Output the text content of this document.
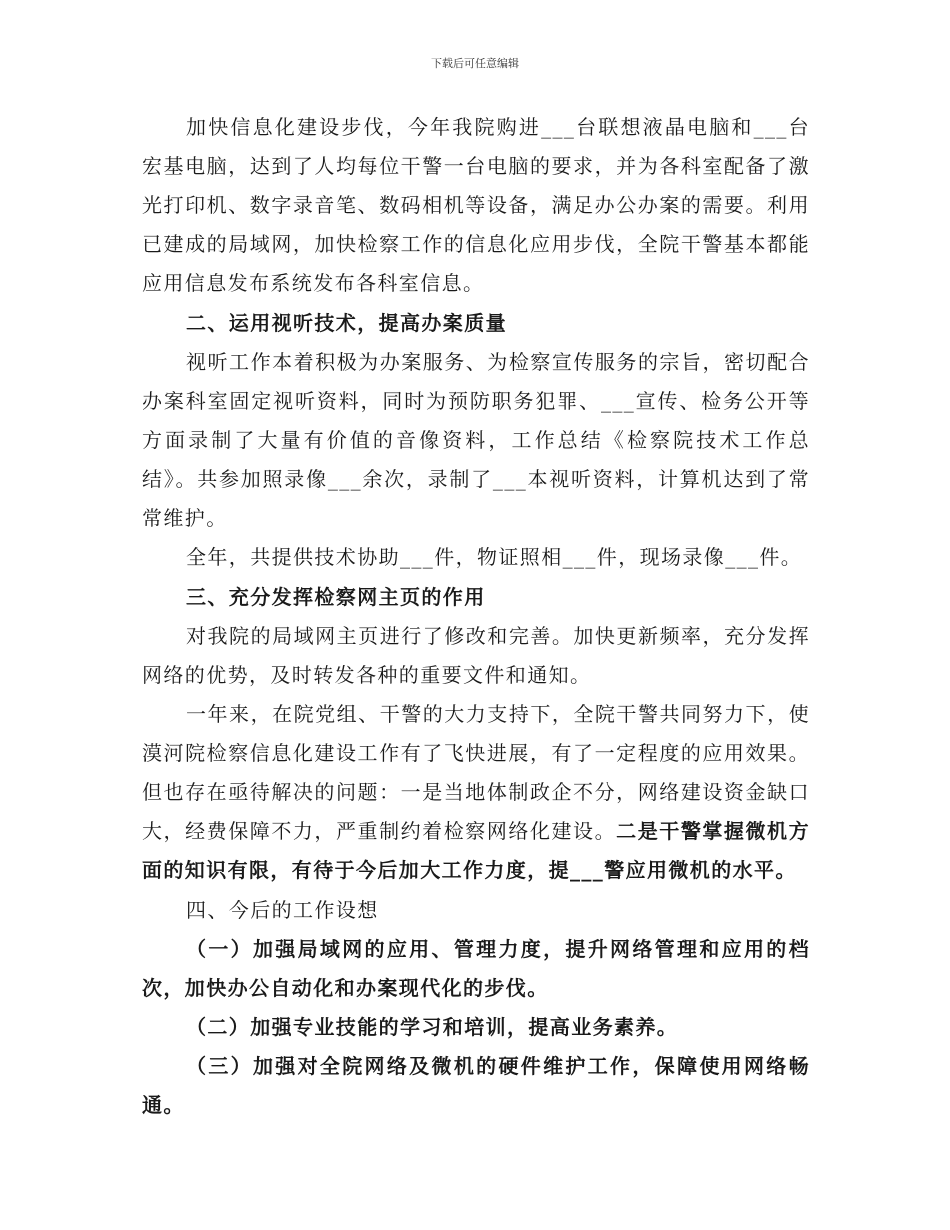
下载后可任意编辑

加快信息化建设步伐，今年我院购进___台联想液晶电脑和___台宏基电脑，达到了人均每位干警一台电脑的要求，并为各科室配备了激光打印机、数字录音笔、数码相机等设备，满足办公办案的需要。利用已建成的局域网，加快检察工作的信息化应用步伐，全院干警基本都能应用信息发布系统发布各科室信息。

二、运用视听技术，提高办案质量

视听工作本着积极为办案服务、为检察宣传服务的宗旨，密切配合办案科室固定视听资料，同时为预防职务犯罪、___宣传、检务公开等方面录制了大量有价值的音像资料，工作总结《检察院技术工作总结》。共参加照录像___余次，录制了___本视听资料，计算机达到了常常维护。

全年，共提供技术协助___件，物证照相___件，现场录像___件。

三、充分发挥检察网主页的作用

对我院的局域网主页进行了修改和完善。加快更新频率，充分发挥网络的优势，及时转发各种的重要文件和通知。

一年来，在院党组、干警的大力支持下，全院干警共同努力下，使漠河院检察信息化建设工作有了飞快进展，有了一定程度的应用效果。但也存在亟待解决的问题：一是当地体制政企不分，网络建设资金缺口大，经费保障不力，严重制约着检察网络化建设。二是干警掌握微机方面的知识有限，有待于今后加大工作力度，提___警应用微机的水平。

四、今后的工作设想

（一）加强局域网的应用、管理力度，提升网络管理和应用的档次，加快办公自动化和办案现代化的步伐。

（二）加强专业技能的学习和培训，提高业务素养。

（三）加强对全院网络及微机的硬件维护工作，保障使用网络畅通。
